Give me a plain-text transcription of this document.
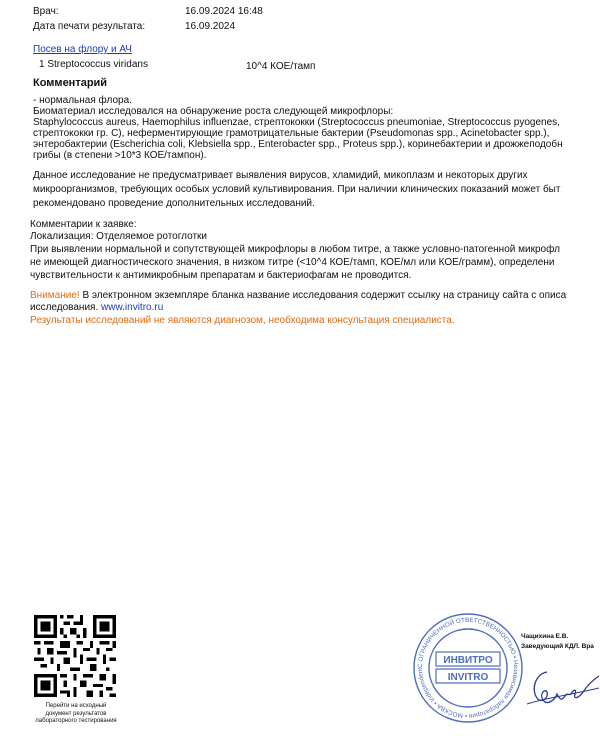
Врач:	16.09.2024 16:48
Дата печати результата:	16.09.2024
Посев на флору и АЧ
1 Streptococcus viridans	10^4 КОЕ/тамп
Комментарий
- нормальная флора.
Биоматериал исследовался на обнаружение роста следующей микрофлоры:
Staphylococcus aureus, Haemophilus influenzae, стрептококки (Streptococcus pneumoniae, Streptococcus pyogenes,
стрептококки гр. С), неферментирующие грамотрицательные бактерии (Pseudomonas spp., Acinetobacter spp.),
энтеробактерии (Escherichia coli, Klebsiella spp., Enterobacter spp., Proteus spp.), коринебактерии и дрожжеподобн
грибы (в степени >10*3 КОЕ/тампон).
Данное исследование не предусматривает выявления вирусов, хламидий, микоплазм и некоторых других
микроорганизмов, требующих особых условий культивирования. При наличии клинических показаний может быт
рекомендовано проведение дополнительных исследований.
Комментарии к заявке:
Локализация: Отделяемое ротоглотки
При выявлении нормальной и сопутствующей микрофлоры в любом титре, а также условно-патогенной микрофл
не имеющей диагностического значения, в низком титре (<10^4 КОЕ/тамп, КОЕ/мл или КОЕ/грамм), определени
чувствительности к антимикробным препаратам и бактериофагам не проводится.
Внимание! В электронном экземпляре бланка название исследования содержит ссылку на страницу сайта с описа
исследования. www.invitro.ru
Результаты исследований не являются диагнозом, необходима консультация специалиста.
Перейти на исходный
документ результатов
лабораторного тестирования
С ОГРАНИЧЕННОЙ ОТВЕТСТВЕННОСТЬЮ • Независимая лаборатория • МОСКВА • Independent
ИНВИТРО
INVITRO
Чащихина Е.В.
Заведующий КДЛ. Вра
